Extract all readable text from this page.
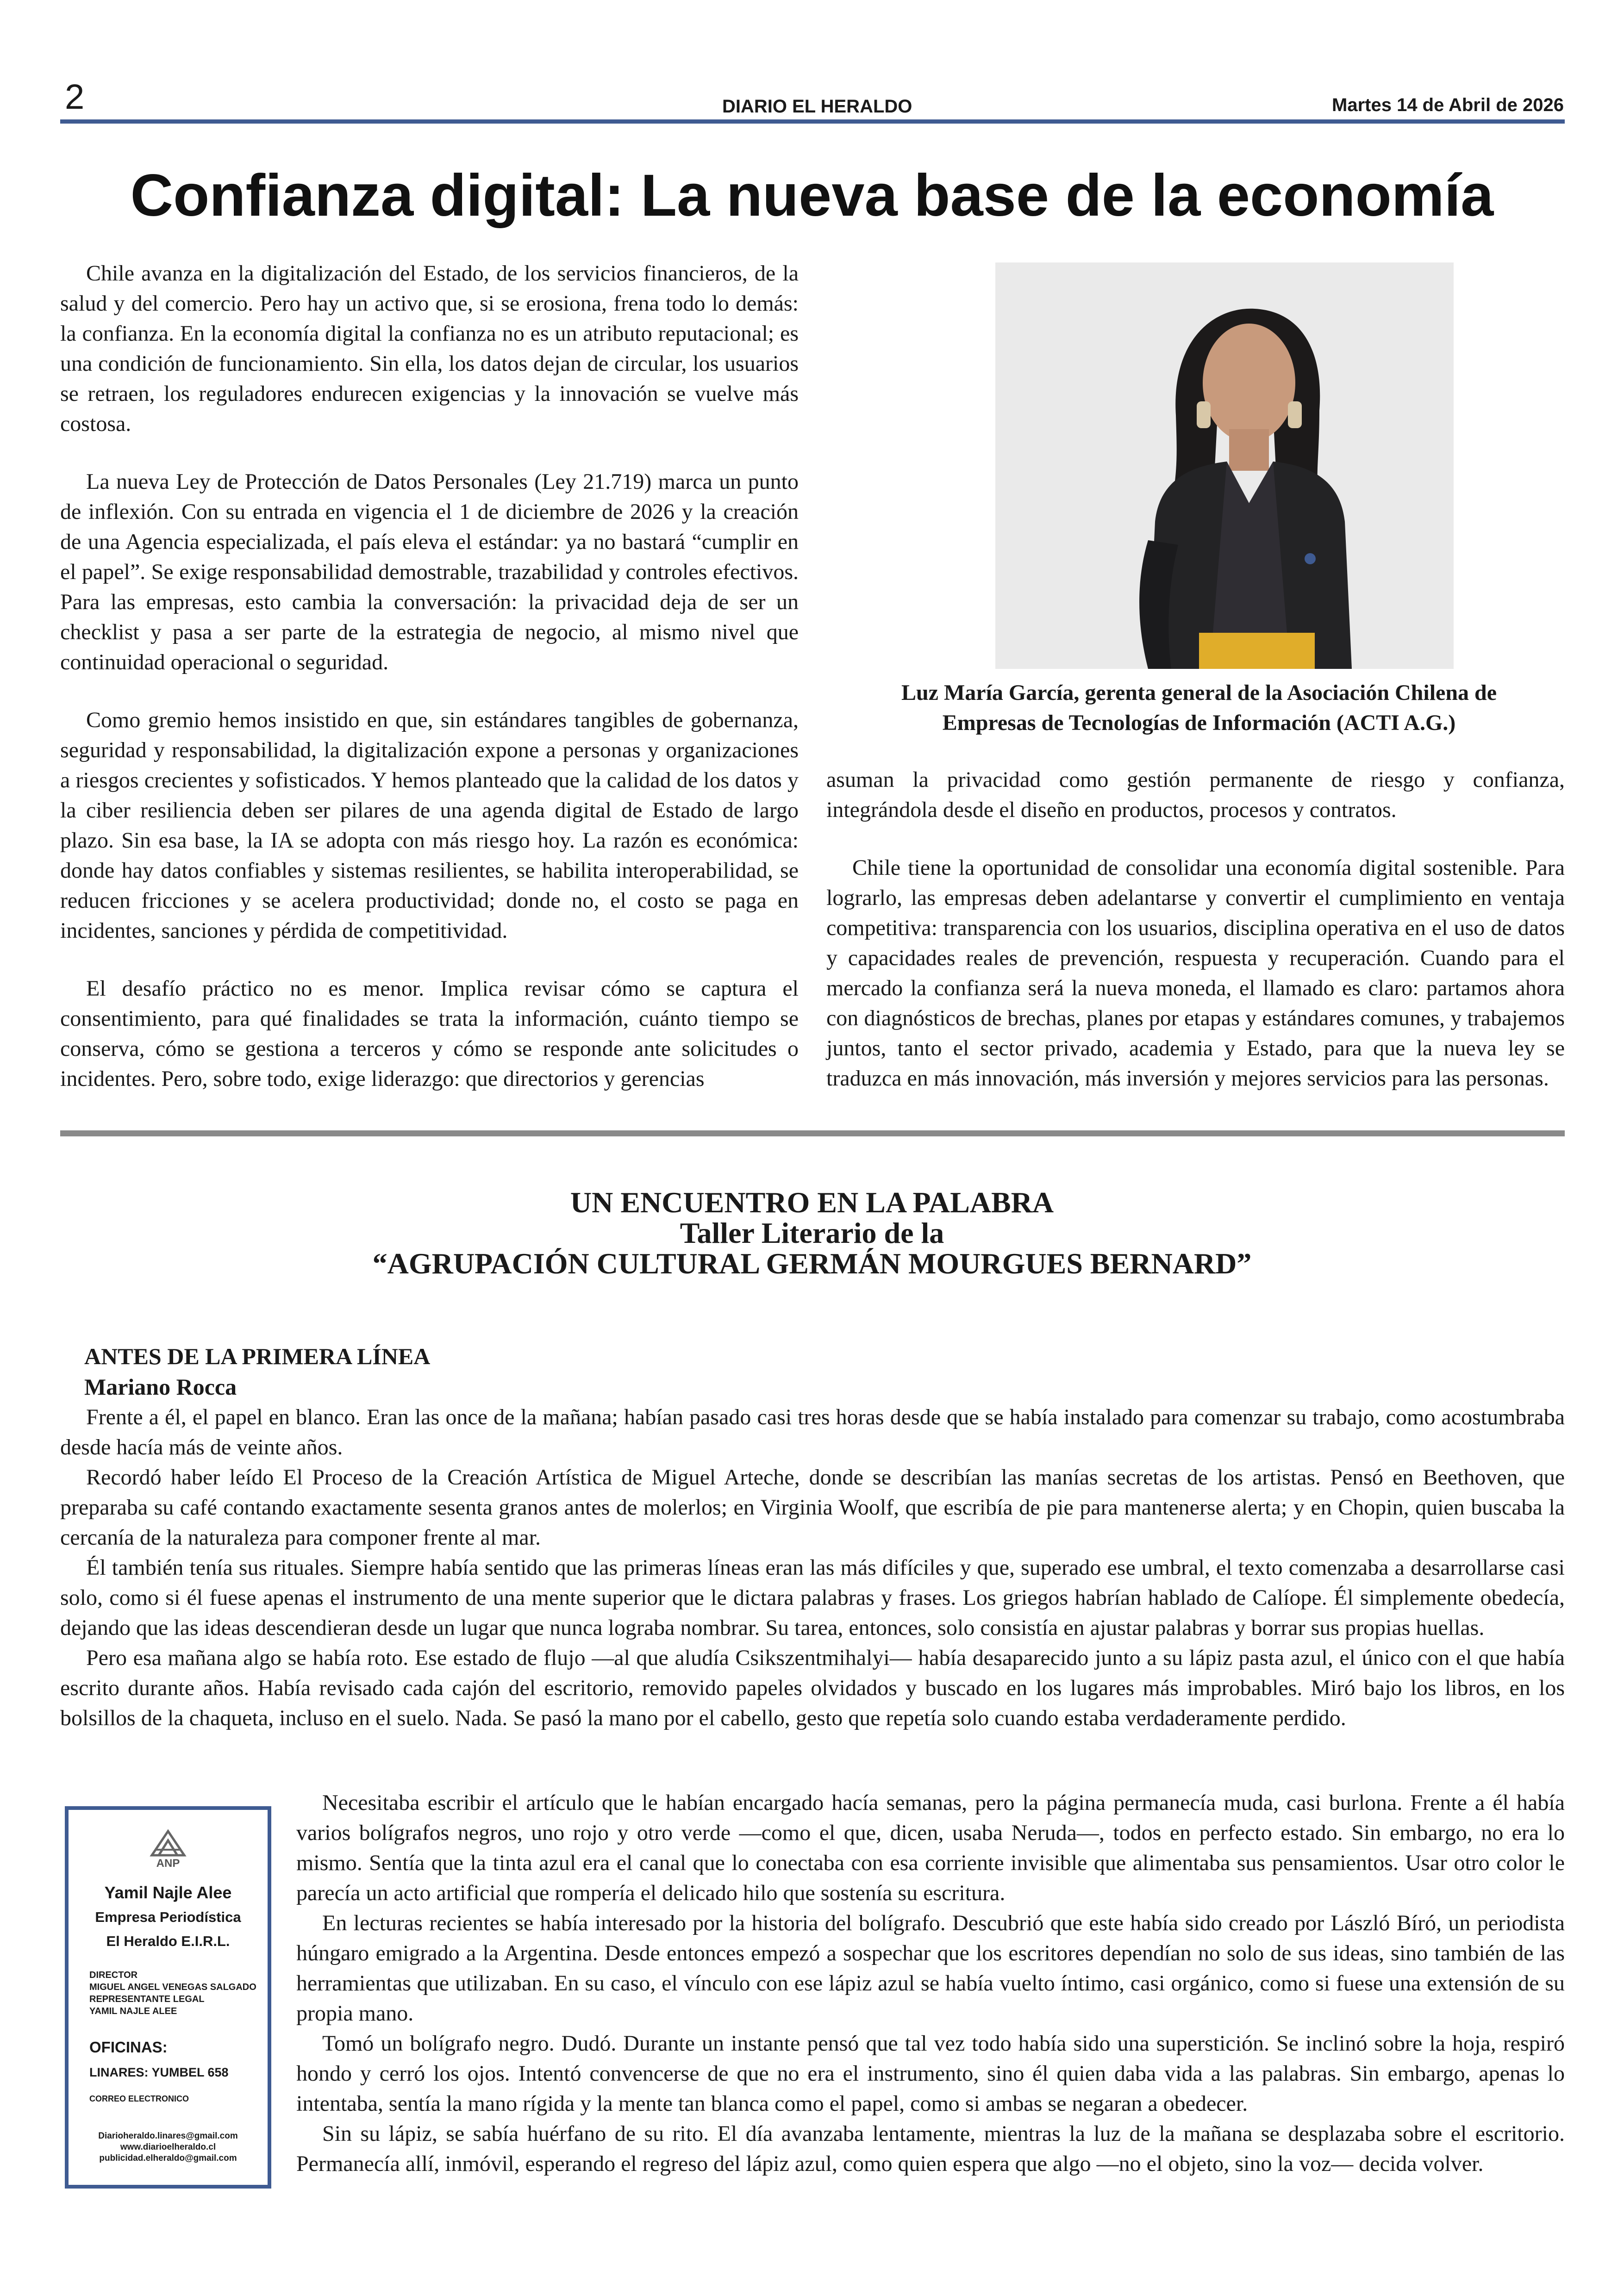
2	DIARIO EL HERALDO	Martes 14 de Abril de 2026
Confianza digital: La nueva base de la economía

Chile avanza en la digitalización del Estado, de los servicios financieros, de la salud y del comercio. Pero hay un activo que, si se erosiona, frena todo lo demás: la confianza. En la economía digital la confianza no es un atributo reputacional; es una condición de funcionamiento. Sin ella, los datos dejan de circular, los usuarios se retraen, los reguladores endurecen exigencias y la innovación se vuelve más costosa.

La nueva Ley de Protección de Datos Personales (Ley 21.719) marca un punto de inflexión. Con su entrada en vigencia el 1 de diciembre de 2026 y la creación de una Agencia especializada, el país eleva el estándar: ya no bastará “cumplir en el papel”. Se exige responsabilidad demostrable, trazabilidad y controles efectivos. Para las empresas, esto cambia la conversación: la privacidad deja de ser un checklist y pasa a ser parte de la estrategia de negocio, al mismo nivel que continuidad operacional o seguridad.

Como gremio hemos insistido en que, sin estándares tangibles de gobernanza, seguridad y responsabilidad, la digitalización expone a personas y organizaciones a riesgos crecientes y sofisticados. Y hemos planteado que la calidad de los datos y la ciber resiliencia deben ser pilares de una agenda digital de Estado de largo plazo. Sin esa base, la IA se adopta con más riesgo hoy. La razón es económica: donde hay datos confiables y sistemas resilientes, se habilita interoperabilidad, se reducen fricciones y se acelera productividad; donde no, el costo se paga en incidentes, sanciones y pérdida de competitividad.

El desafío práctico no es menor. Implica revisar cómo se captura el consentimiento, para qué finalidades se trata la información, cuánto tiempo se conserva, cómo se gestiona a terceros y cómo se responde ante solicitudes o incidentes. Pero, sobre todo, exige liderazgo: que directorios y gerencias

Luz María García, gerenta general de la Asociación Chilena de Empresas de Tecnologías de Información (ACTI A.G.)

asuman la privacidad como gestión permanente de riesgo y confianza, integrándola desde el diseño en productos, procesos y contratos.

Chile tiene la oportunidad de consolidar una economía digital sostenible. Para lograrlo, las empresas deben adelantarse y convertir el cumplimiento en ventaja competitiva: transparencia con los usuarios, disciplina operativa en el uso de datos y capacidades reales de prevención, respuesta y recuperación. Cuando para el mercado la confianza será la nueva moneda, el llamado es claro: partamos ahora con diagnósticos de brechas, planes por etapas y estándares comunes, y trabajemos juntos, tanto el sector privado, academia y Estado, para que la nueva ley se traduzca en más innovación, más inversión y mejores servicios para las personas.

UN ENCUENTRO EN LA PALABRA
Taller Literario de la
“AGRUPACIÓN CULTURAL GERMÁN MOURGUES BERNARD”
ANTES DE LA PRIMERA LÍNEA
Mariano Rocca

Frente a él, el papel en blanco. Eran las once de la mañana; habían pasado casi tres horas desde que se había instalado para comenzar su trabajo, como acostumbraba desde hacía más de veinte años.

Recordó haber leído El Proceso de la Creación Artística de Miguel Arteche, donde se describían las manías secretas de los artistas. Pensó en Beethoven, que preparaba su café contando exactamente sesenta granos antes de molerlos; en Virginia Woolf, que escribía de pie para mantenerse alerta; y en Chopin, quien buscaba la cercanía de la naturaleza para componer frente al mar.

Él también tenía sus rituales. Siempre había sentido que las primeras líneas eran las más difíciles y que, superado ese umbral, el texto comenzaba a desarrollarse casi solo, como si él fuese apenas el instrumento de una mente superior que le dictara palabras y frases. Los griegos habrían hablado de Calíope. Él simplemente obedecía, dejando que las ideas descendieran desde un lugar que nunca lograba nombrar. Su tarea, entonces, solo consistía en ajustar palabras y borrar sus propias huellas.

Pero esa mañana algo se había roto. Ese estado de flujo —al que aludía Csikszentmihalyi— había desaparecido junto a su lápiz pasta azul, el único con el que había escrito durante años. Había revisado cada cajón del escritorio, removido papeles olvidados y buscado en los lugares más improbables. Miró bajo los libros, en los bolsillos de la chaqueta, incluso en el suelo. Nada. Se pasó la mano por el cabello, gesto que repetía solo cuando estaba verdaderamente perdido.

Necesitaba escribir el artículo que le habían encargado hacía semanas, pero la página permanecía muda, casi burlona. Frente a él había varios bolígrafos negros, uno rojo y otro verde —como el que, dicen, usaba Neruda—, todos en perfecto estado. Sin embargo, no era lo mismo. Sentía que la tinta azul era el canal que lo conectaba con esa corriente invisible que alimentaba sus pensamientos. Usar otro color le parecía un acto artificial que rompería el delicado hilo que sostenía su escritura.

En lecturas recientes se había interesado por la historia del bolígrafo. Descubrió que este había sido creado por László Bíró, un periodista húngaro emigrado a la Argentina. Desde entonces empezó a sospechar que los escritores dependían no solo de sus ideas, sino también de las herramientas que utilizaban. En su caso, el vínculo con ese lápiz azul se había vuelto íntimo, casi orgánico, como si fuese una extensión de su propia mano.

Tomó un bolígrafo negro. Dudó. Durante un instante pensó que tal vez todo había sido una superstición. Se inclinó sobre la hoja, respiró hondo y cerró los ojos. Intentó convencerse de que no era el instrumento, sino él quien daba vida a las palabras. Sin embargo, apenas lo intentaba, sentía la mano rígida y la mente tan blanca como el papel, como si ambas se negaran a obedecer.

Sin su lápiz, se sabía huérfano de su rito. El día avanzaba lentamente, mientras la luz de la mañana se desplazaba sobre el escritorio. Permanecía allí, inmóvil, esperando el regreso del lápiz azul, como quien espera que algo —no el objeto, sino la voz— decida volver.

ANP
Yamil Najle Alee
Empresa Periodística
El Heraldo E.I.R.L.
DIRECTOR
MIGUEL ANGEL VENEGAS SALGADO
REPRESENTANTE LEGAL
YAMIL NAJLE ALEE
OFICINAS:
LINARES: YUMBEL 658
CORREO ELECTRONICO
Diarioheraldo.linares@gmail.com
www.diarioelheraldo.cl
publicidad.elheraldo@gmail.com
